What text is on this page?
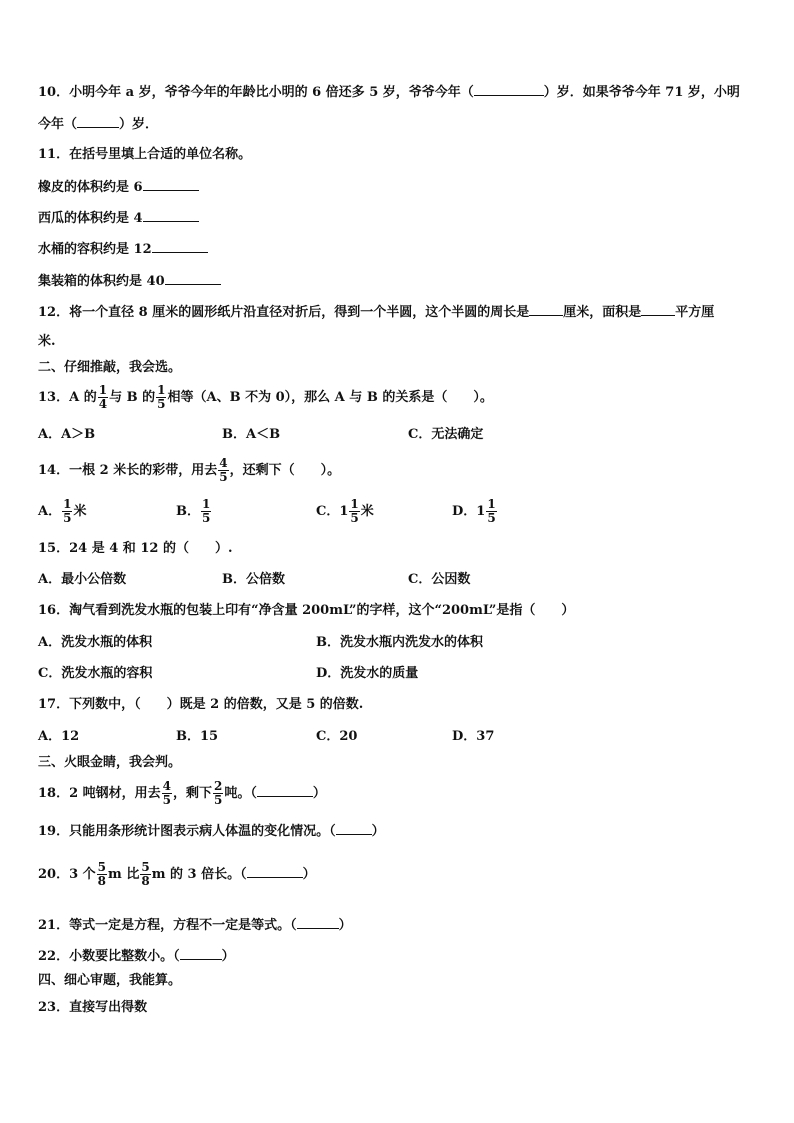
10．小明今年 a 岁，爷爷今年的年龄比小明的 6 倍还多 5 岁，爷爷今年（	）岁．如果爷爷今年 71 岁，小明
今年（	）岁．
11．在括号里填上合适的单位名称。
橡皮的体积约是 6
西瓜的体积约是 4
水桶的容积约是 12
集装箱的体积约是 40
12．将一个直径 8 厘米的圆形纸片沿直径对折后，得到一个半圆，这个半圆的周长是	厘米，面积是	平方厘
米.
二、仔细推敲，我会选。
13．A 的 $\frac{1}{4}$ 与 B 的 $\frac{1}{5}$ 相等（A、B 不为 0），那么 A 与 B 的关系是（　　）。
A．A＞B	B．A＜B	C．无法确定
14．一根 2 米长的彩带，用去 $\frac{4}{5}$ ，还剩下（　　）。
A． $\frac{1}{5}$ 米	B． $\frac{1}{5}$	C．$1 \frac{1}{5}$ 米	D．$1 \frac{1}{5}$
15．24 是 4 和 12 的（　　）.
A．最小公倍数	B．公倍数	C．公因数
16．淘气看到洗发水瓶的包装上印有“净含量 200mL”的字样，这个“200mL”是指（　　）
A．洗发水瓶的体积	B．洗发水瓶内洗发水的体积
C．洗发水瓶的容积	D．洗发水的质量
17．下列数中，（　　）既是 2 的倍数，又是 5 的倍数.
A．12	B．15	C．20	D．37
三、火眼金睛，我会判。
18．2 吨钢材，用去 $\frac{4}{5}$ ，剩下 $\frac{2}{5}$ 吨。（	）
19．只能用条形统计图表示病人体温的变化情况。（	）
20．3 个 $\frac{5}{8}$ m 比 $\frac{5}{8}$ m 的 3 倍长。（	）
21．等式一定是方程，方程不一定是等式。（	）
22．小数要比整数小。（	）
四、细心审题，我能算。
23．直接写出得数
